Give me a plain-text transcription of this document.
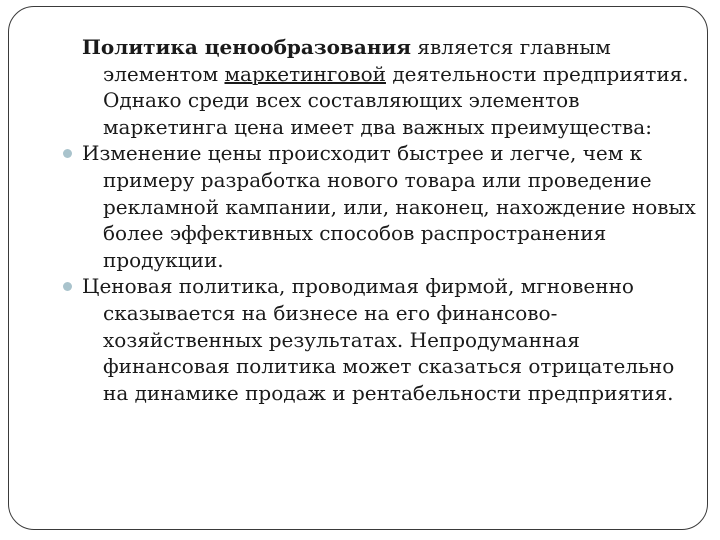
Политика ценообразования является главным элементом маркетинговой деятельности предприятия. Однако среди всех составляющих элементов маркетинга цена имеет два важных преимущества:

Изменение цены происходит быстрее и легче, чем к примеру разработка нового товара или проведение рекламной кампании, или, наконец, нахождение новых более эффективных способов распространения продукции.

Ценовая политика, проводимая фирмой, мгновенно сказывается на бизнесе на его финансово-хозяйственных результатах. Непродуманная финансовая политика может сказаться отрицательно на динамике продаж и рентабельности предприятия.
